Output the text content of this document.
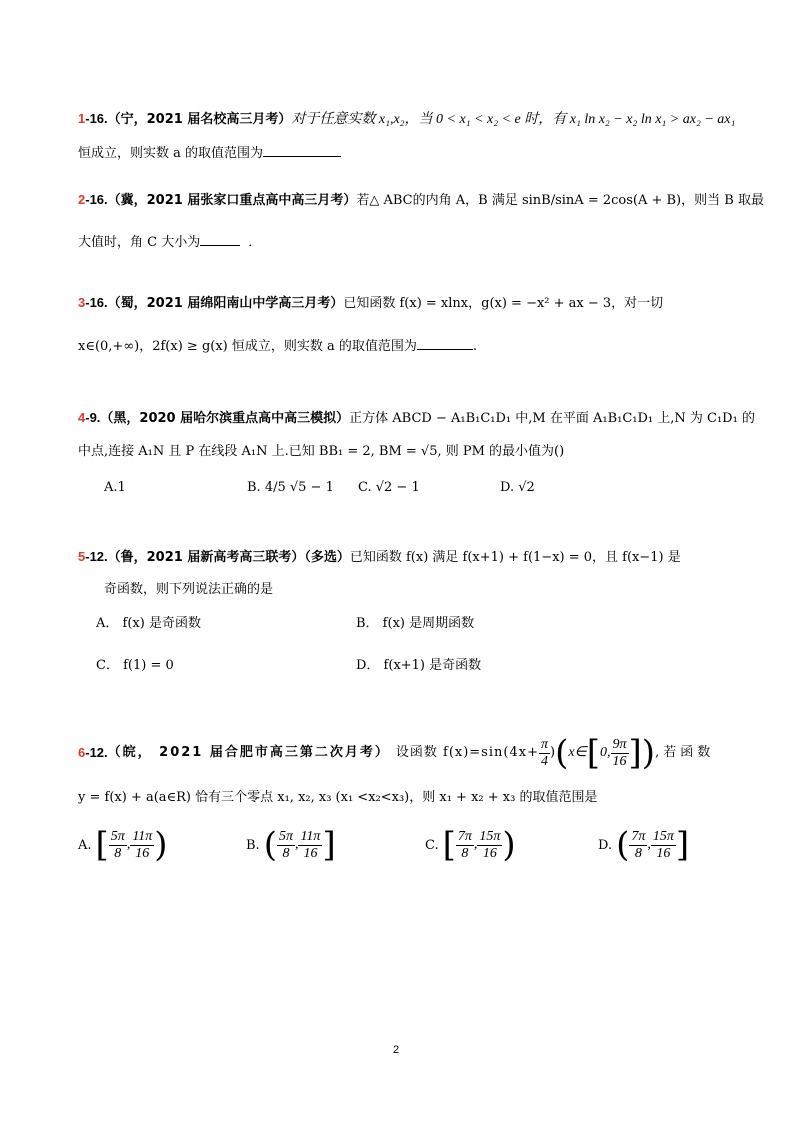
1-16.（宁，2021 届名校高三月考）对于任意实数 x₁,x₂，当 0 < x₁ < x₂ < e 时，有 x₁ ln x₂ − x₂ ln x₁ > ax₂ − ax₁
恒成立，则实数 a 的取值范围为
2-16.（冀，2021 届张家口重点高中高三月考）若△ ABC的内角 A，B 满足 sinB/sinA = 2cos(A + B)，则当 B 取最
大值时，角 C 大小为	．
3-16.（蜀，2021 届绵阳南山中学高三月考）已知函数 f(x) = xlnx，g(x) = −x² + ax − 3，对一切
x∈(0,+∞)，2f(x) ≥ g(x) 恒成立，则实数 a 的取值范围为	.
4-9.（黑，2020 届哈尔滨重点高中高三模拟）正方体 ABCD − A₁B₁C₁D₁ 中,M 在平面 A₁B₁C₁D₁ 上,N 为 C₁D₁ 的
中点,连接 A₁N 且 P 在线段 A₁N 上.已知 BB₁ = 2, BM = √5, 则 PM 的最小值为()
A.1	B. 4/5 √5 − 1 C. √2 − 1	D. √2
5-12.（鲁，2021 届新高考高三联考）（多选）已知函数 f(x) 满足 f(x+1) + f(1−x) = 0，且 f(x−1) 是
奇函数，则下列说法正确的是
A． f(x) 是奇函数	B． f(x) 是周期函数
C． f(1) = 0	D． f(x+1) 是奇函数
6 -12. （皖， 2021 届合肥市高三第二次月考） 设函数 $f(x)=\sin(4x+ \frac{\pi}{4}$ ) ( x∈ [ 0, $\frac{9\pi}{16}$ ] ) ,若函数
y = f(x) + a(a∈R) 恰有三个零点 x₁, x₂, x₃ (x₁ <x₂<x₃)，则 x₁ + x₂ + x₃ 的取值范围是
A. [ $\frac{5\pi}{8}$ , $\frac{11\pi}{16}$ )	B. ( $\frac{5\pi}{8}$ , $\frac{11\pi}{16}$ ]	C. [ $\frac{7\pi}{8}$ , $\frac{15\pi}{16}$ )	D. ( $\frac{7\pi}{8}$ , $\frac{15\pi}{16}$ ]
2
